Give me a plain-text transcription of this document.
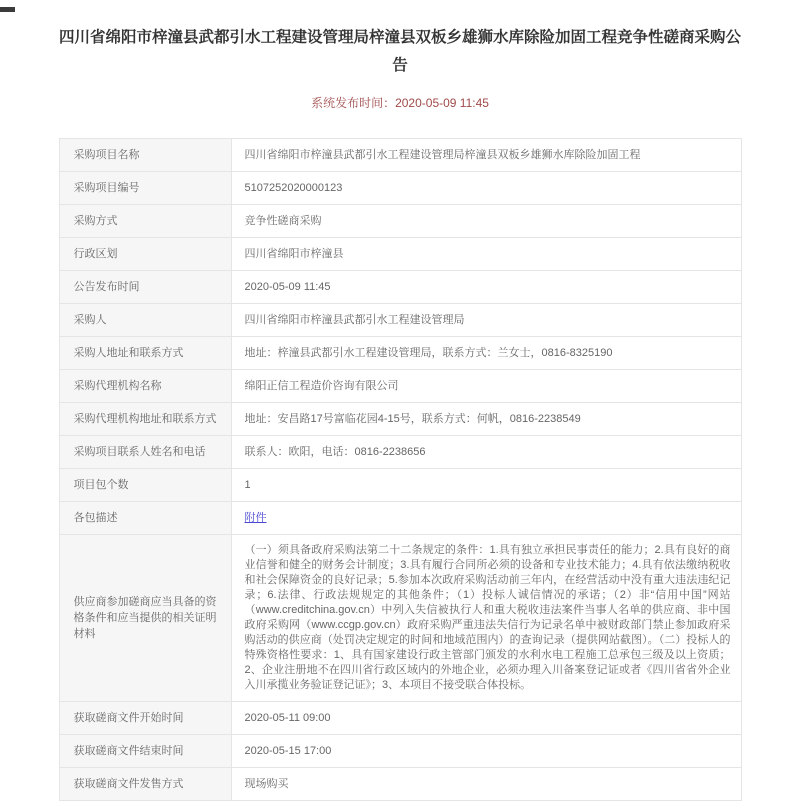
四川省绵阳市梓潼县武都引水工程建设管理局梓潼县双板乡雄狮水库除险加固工程竞争性磋商采购公告
系统发布时间：2020-05-09 11:45
采购项目名称	四川省绵阳市梓潼县武都引水工程建设管理局梓潼县双板乡雄狮水库除险加固工程
采购项目编号	5107252020000123
采购方式	竞争性磋商采购
行政区划	四川省绵阳市梓潼县
公告发布时间	2020-05-09 11:45
采购人	四川省绵阳市梓潼县武都引水工程建设管理局
采购人地址和联系方式	地址：梓潼县武都引水工程建设管理局，联系方式：兰女士，0816-8325190
采购代理机构名称	绵阳正信工程造价咨询有限公司
采购代理机构地址和联系方式	地址：安昌路17号富临花园4-15号，联系方式：何帆，0816-2238549
采购项目联系人姓名和电话	联系人：欧阳，电话：0816-2238656
项目包个数	1
各包描述	附件
供应商参加磋商应当具备的资格条件和应当提供的相关证明材料	（一）须具备政府采购法第二十二条规定的条件：1.具有独立承担民事责任的能力；2.具有良好的商业信誉和健全的财务会计制度；3.具有履行合同所必须的设备和专业技术能力；4.具有依法缴纳税收和社会保障资金的良好记录；5.参加本次政府采购活动前三年内，在经营活动中没有重大违法违纪记录；6.法律、行政法规规定的其他条件；（1）投标人诚信情况的承诺；（2）非“信用中国”网站（www.creditchina.gov.cn）中列入失信被执行人和重大税收违法案件当事人名单的供应商、非中国政府采购网（www.ccgp.gov.cn）政府采购严重违法失信行为记录名单中被财政部门禁止参加政府采购活动的供应商（处罚决定规定的时间和地域范围内）的查询记录（提供网站截图）。（二）投标人的特殊资格性要求：1、具有国家建设行政主管部门颁发的水利水电工程施工总承包三级及以上资质；2、企业注册地不在四川省行政区域内的外地企业，必须办理入川备案登记证或者《四川省省外企业入川承揽业务验证登记证》；3、本项目不接受联合体投标。
获取磋商文件开始时间	2020-05-11 09:00
获取磋商文件结束时间	2020-05-15 17:00
获取磋商文件发售方式	现场购买
